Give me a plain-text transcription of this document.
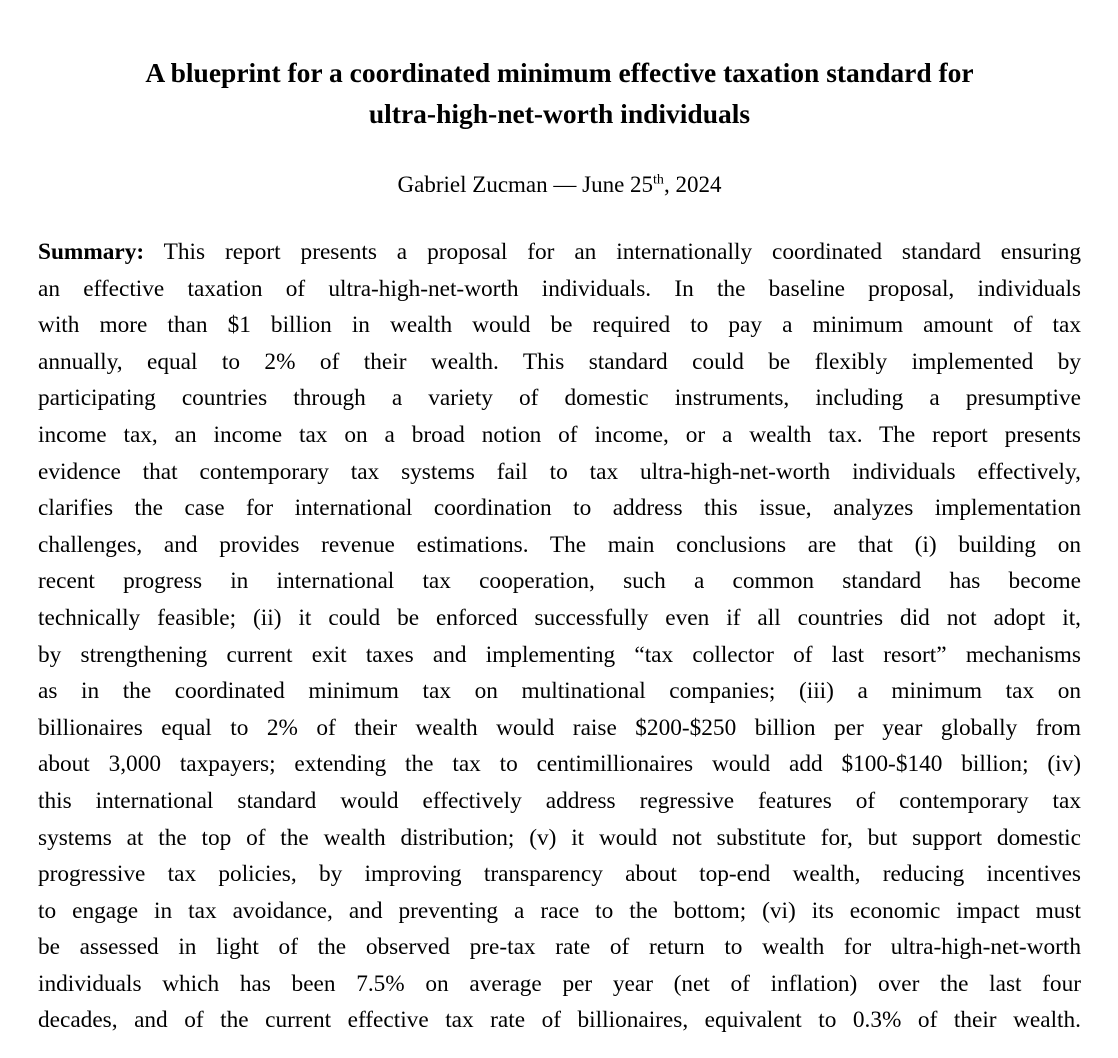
A blueprint for a coordinated minimum effective taxation standard for
ultra-high-net-worth individuals
Gabriel Zucman — June 25th, 2024
Summary: This report presents a proposal for an internationally coordinated standard ensuring
an effective taxation of ultra-high-net-worth individuals. In the baseline proposal, individuals
with more than $1 billion in wealth would be required to pay a minimum amount of tax
annually, equal to 2% of their wealth. This standard could be flexibly implemented by
participating countries through a variety of domestic instruments, including a presumptive
income tax, an income tax on a broad notion of income, or a wealth tax. The report presents
evidence that contemporary tax systems fail to tax ultra-high-net-worth individuals effectively,
clarifies the case for international coordination to address this issue, analyzes implementation
challenges, and provides revenue estimations. The main conclusions are that (i) building on
recent progress in international tax cooperation, such a common standard has become
technically feasible; (ii) it could be enforced successfully even if all countries did not adopt it,
by strengthening current exit taxes and implementing “tax collector of last resort” mechanisms
as in the coordinated minimum tax on multinational companies; (iii) a minimum tax on
billionaires equal to 2% of their wealth would raise $200-$250 billion per year globally from
about 3,000 taxpayers; extending the tax to centimillionaires would add $100-$140 billion; (iv)
this international standard would effectively address regressive features of contemporary tax
systems at the top of the wealth distribution; (v) it would not substitute for, but support domestic
progressive tax policies, by improving transparency about top-end wealth, reducing incentives
to engage in tax avoidance, and preventing a race to the bottom; (vi) its economic impact must
be assessed in light of the observed pre-tax rate of return to wealth for ultra-high-net-worth
individuals which has been 7.5% on average per year (net of inflation) over the last four
decades, and of the current effective tax rate of billionaires, equivalent to 0.3% of their wealth.
